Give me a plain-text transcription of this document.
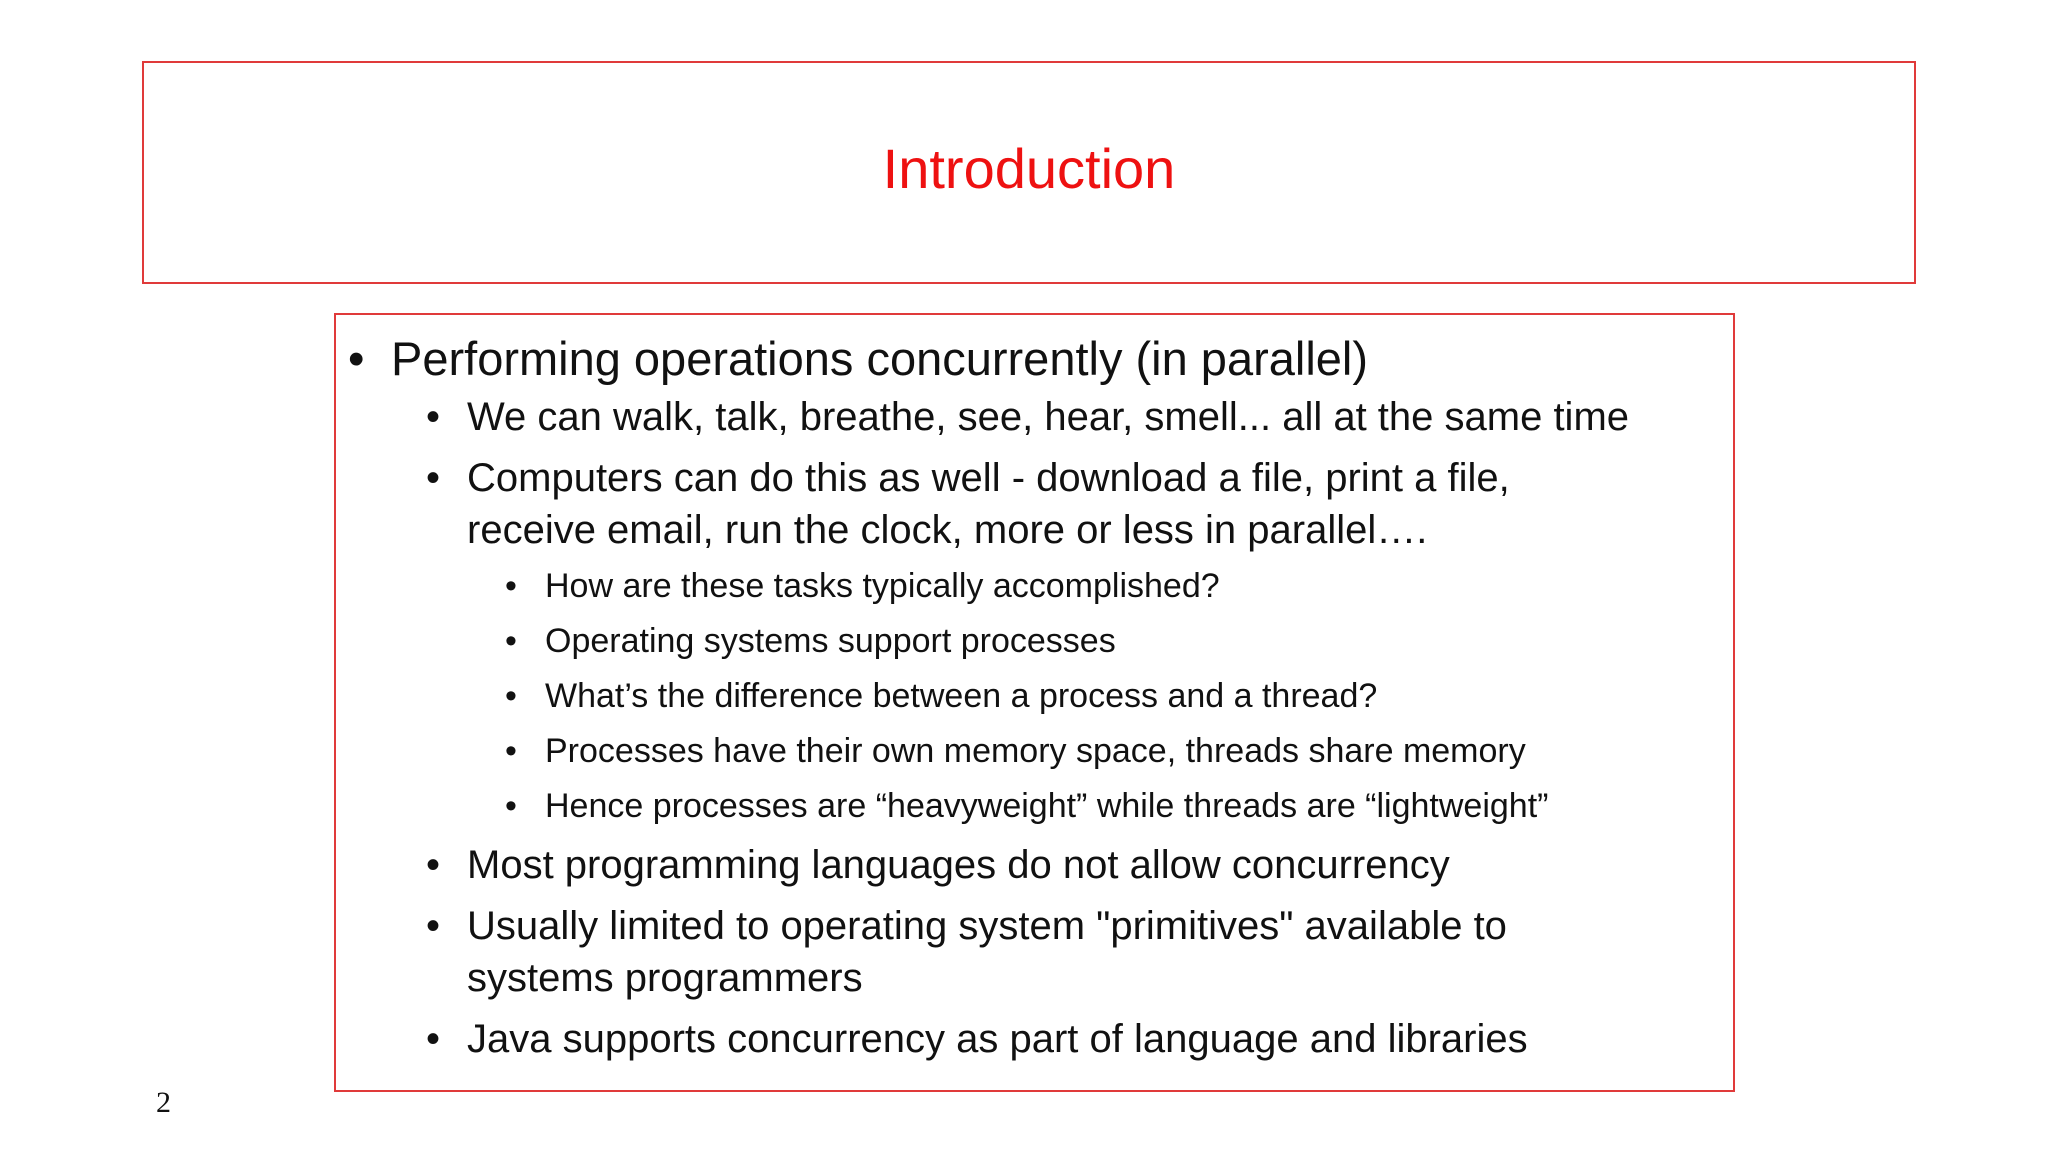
Introduction
• Performing operations concurrently (in parallel)
• We can walk, talk, breathe, see, hear, smell... all at the same time
• Computers can do this as well - download a file, print a file,
receive email, run the clock, more or less in parallel….
• How are these tasks typically accomplished?
• Operating systems support processes
• What’s the difference between a process and a thread?
• Processes have their own memory space, threads share memory
• Hence processes are “heavyweight” while threads are “lightweight”
• Most programming languages do not allow concurrency
• Usually limited to operating system "primitives" available to
systems programmers
• Java supports concurrency as part of language and libraries
2
